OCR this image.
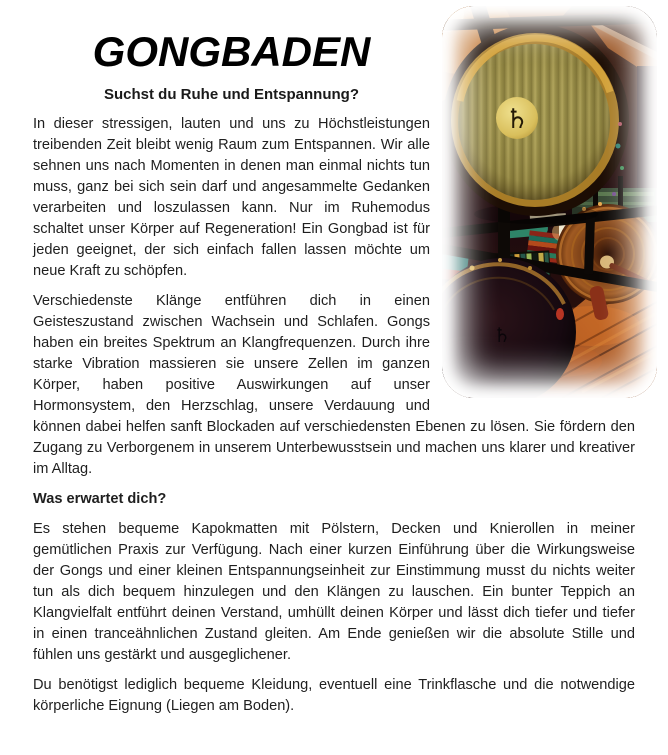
♄
♄
GONGBADEN
Suchst du Ruhe und Entspannung?

In dieser stressigen, lauten und uns zu Höchstleistungen treibenden Zeit bleibt wenig Raum zum Entspannen. Wir alle sehnen uns nach Momenten in denen man einmal nichts tun muss, ganz bei sich sein darf und angesammelte Gedanken verarbeiten und loszulassen kann. Nur im Ruhemodus schaltet unser Körper auf Regeneration! Ein Gongbad ist für jeden geeignet, der sich einfach fallen lassen möchte um neue Kraft zu schöpfen.

Verschiedenste Klänge entführen dich in einen Geisteszustand zwischen Wachsein und Schlafen. Gongs haben ein breites Spektrum an Klangfrequenzen. Durch ihre starke Vibration massieren sie unsere Zellen im ganzen Körper, haben positive Auswirkungen auf unser Hormonsystem, den Herzschlag, unsere Verdauung und können dabei helfen sanft Blockaden auf verschiedensten Ebenen zu lösen. Sie fördern den Zugang zu Verborgenem in unserem Unterbewusstsein und machen uns klarer und kreativer im Alltag.

Was erwartet dich?

Es stehen bequeme Kapokmatten mit Pölstern, Decken und Knierollen in meiner gemütlichen Praxis zur Verfügung. Nach einer kurzen Einführung über die Wirkungsweise der Gongs und einer kleinen Entspannungseinheit zur Einstimmung musst du nichts weiter tun als dich bequem hinzulegen und den Klängen zu lauschen. Ein bunter Teppich an Klangvielfalt entführt deinen Verstand, umhüllt deinen Körper und lässt dich tiefer und tiefer in einen tranceähnlichen Zustand gleiten. Am Ende genießen wir die absolute Stille und fühlen uns gestärkt und ausgeglichener.

Du benötigst lediglich bequeme Kleidung, eventuell eine Trinkflasche und die notwendige körperliche Eignung (Liegen am Boden).
